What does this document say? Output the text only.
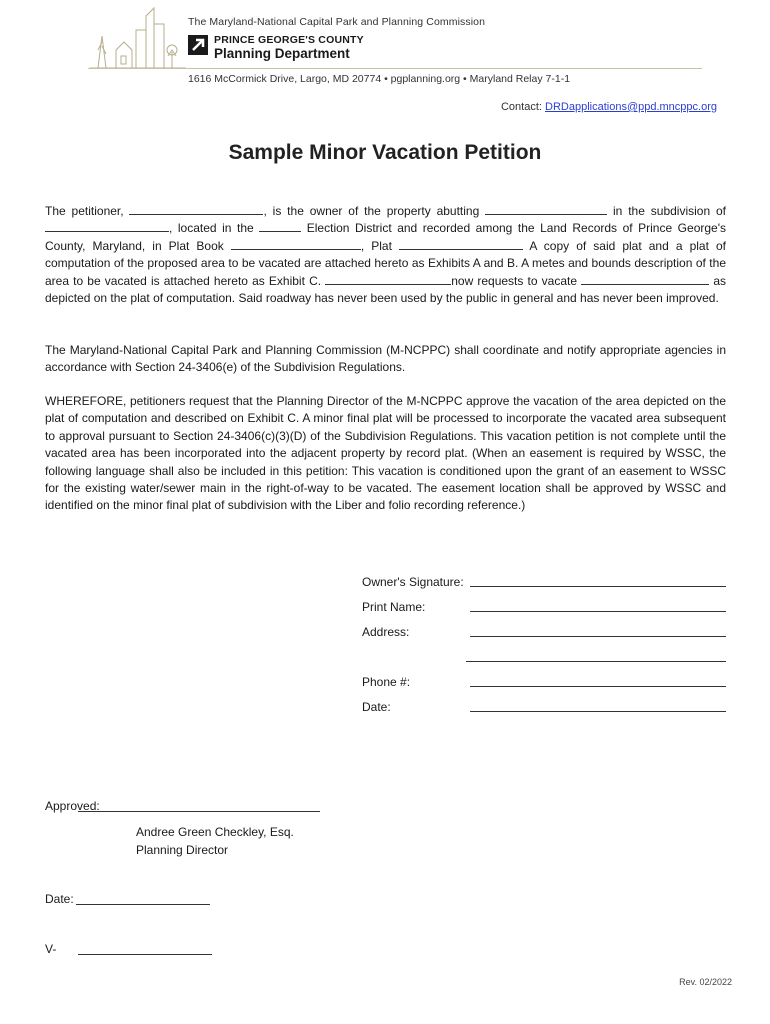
The Maryland-National Capital Park and Planning Commission
PRINCE GEORGE'S COUNTY
Planning Department
1616 McCormick Drive, Largo, MD 20774 • pgplanning.org • Maryland Relay 7-1-1
Contact: DRDapplications@ppd.mncppc.org
Sample Minor Vacation Petition

The petitioner,	, is the owner of the property abutting	in the subdivision of , located in the	Election District and recorded among the Land Records of Prince George's County, Maryland, in Plat Book	, Plat	A copy of said plat and a plat of computation of the proposed area to be vacated are attached hereto as Exhibits A and B. A metes and bounds description of the area to be vacated is attached hereto as Exhibit C.	now requests to vacate	as depicted on the plat of computation. Said roadway has never been used by the public in general and has never been improved.

The Maryland-National Capital Park and Planning Commission (M-NCPPC) shall coordinate and notify appropriate agencies in accordance with Section 24-3406(e) of the Subdivision Regulations.

WHEREFORE, petitioners request that the Planning Director of the M-NCPPC approve the vacation of the area depicted on the plat of computation and described on Exhibit C. A minor final plat will be processed to incorporate the vacated area subsequent to approval pursuant to Section 24-3406(c)(3)(D) of the Subdivision Regulations. This vacation petition is not complete until the vacated area has been incorporated into the adjacent property by record plat. (When an easement is required by WSSC, the following language shall also be included in this petition: This vacation is conditioned upon the grant of an easement to WSSC for the existing water/sewer main in the right-of-way to be vacated. The easement location shall be approved by WSSC and identified on the minor final plat of subdivision with the Liber and folio recording reference.)

Owner's Signature:
Print Name:
Address:
Phone #:
Date:
Approved:
Andree Green Checkley, Esq.
Planning Director
Date:
V-
Rev. 02/2022
